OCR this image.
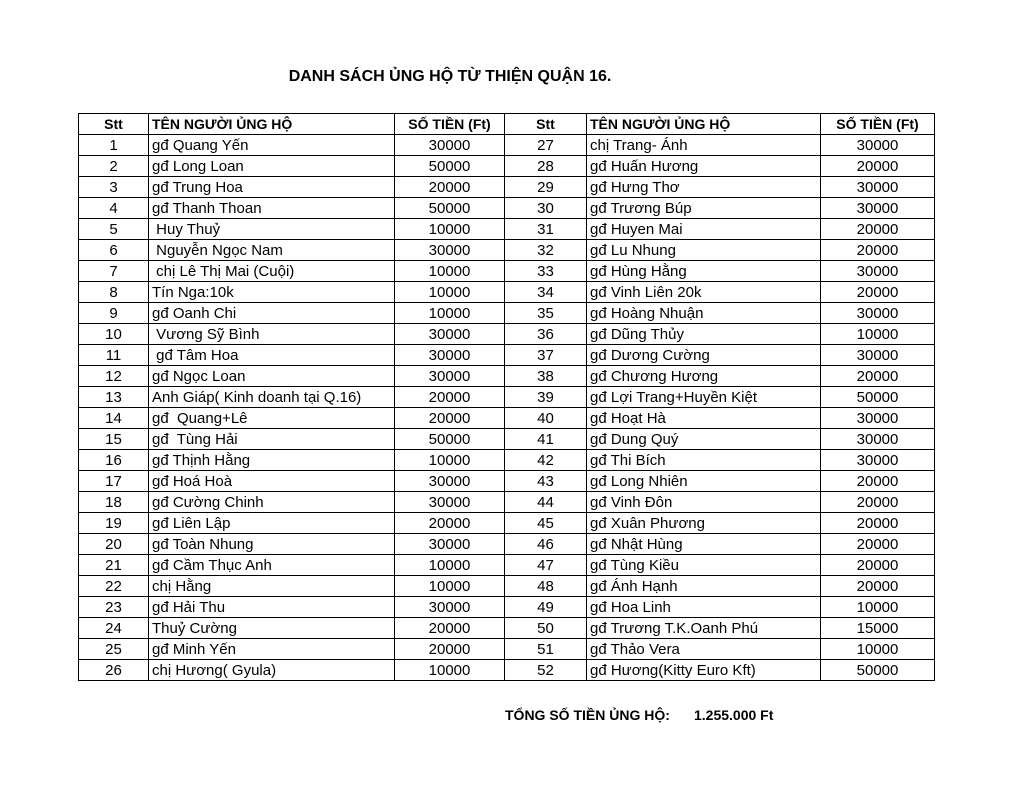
DANH SÁCH ỦNG HỘ TỪ THIỆN QUẬN 16.
Stt	TÊN NGƯỜI ỦNG HỘ	SỐ TIỀN (Ft)	Stt	TÊN NGƯỜI ỦNG HỘ	SỐ TIỀN (Ft)
1	gđ Quang Yến	30000	27	chị Trang- Ánh	30000
2	gđ Long Loan	50000	28	gđ Huấn Hương	20000
3	gđ Trung Hoa	20000	29	gđ Hưng Thơ	30000
4	gđ Thanh Thoan	50000	30	gđ Trương Búp	30000
5	Huy Thuỷ	10000	31	gđ Huyen Mai	20000
6	Nguyễn Ngọc Nam	30000	32	gđ Lu Nhung	20000
7	chị Lê Thị Mai (Cuội)	10000	33	gđ Hùng Hằng	30000
8	Tín Nga:10k	10000	34	gđ Vinh Liên 20k	20000
9	gđ Oanh Chi	10000	35	gđ Hoàng Nhuận	30000
10	Vương Sỹ Bình	30000	36	gđ Dũng Thủy	10000
11	gđ Tâm Hoa	30000	37	gđ Dương Cường	30000
12	gđ Ngọc Loan	30000	38	gđ Chương Hương	20000
13	Anh Giáp( Kinh doanh tại Q.16)	20000	39	gđ Lợi Trang+Huyền Kiệt	50000
14	gđ  Quang+Lê	20000	40	gđ Hoạt Hà	30000
15	gđ  Tùng Hải	50000	41	gđ Dung Quý	30000
16	gđ Thịnh Hằng	10000	42	gđ Thi Bích	30000
17	gđ Hoá Hoà	30000	43	gđ Long Nhiên	20000
18	gđ Cường Chinh	30000	44	gđ Vinh Đôn	20000
19	gđ Liên Lập	20000	45	gđ Xuân Phương	20000
20	gđ Toàn Nhung	30000	46	gđ Nhật Hùng	20000
21	gđ Cầm Thục Anh	10000	47	gđ Tùng Kiều	20000
22	chị Hằng	10000	48	gđ Ánh Hạnh	20000
23	gđ Hải Thu	30000	49	gđ Hoa Linh	10000
24	Thuỷ Cường	20000	50	gđ Trương T.K.Oanh Phú	15000
25	gđ Minh Yến	20000	51	gđ Thảo Vera	10000
26	chị Hương( Gyula)	10000	52	gđ Hương(Kitty Euro Kft)	50000
TỔNG SỐ TIỀN ỦNG HỘ: 1.255.000 Ft
